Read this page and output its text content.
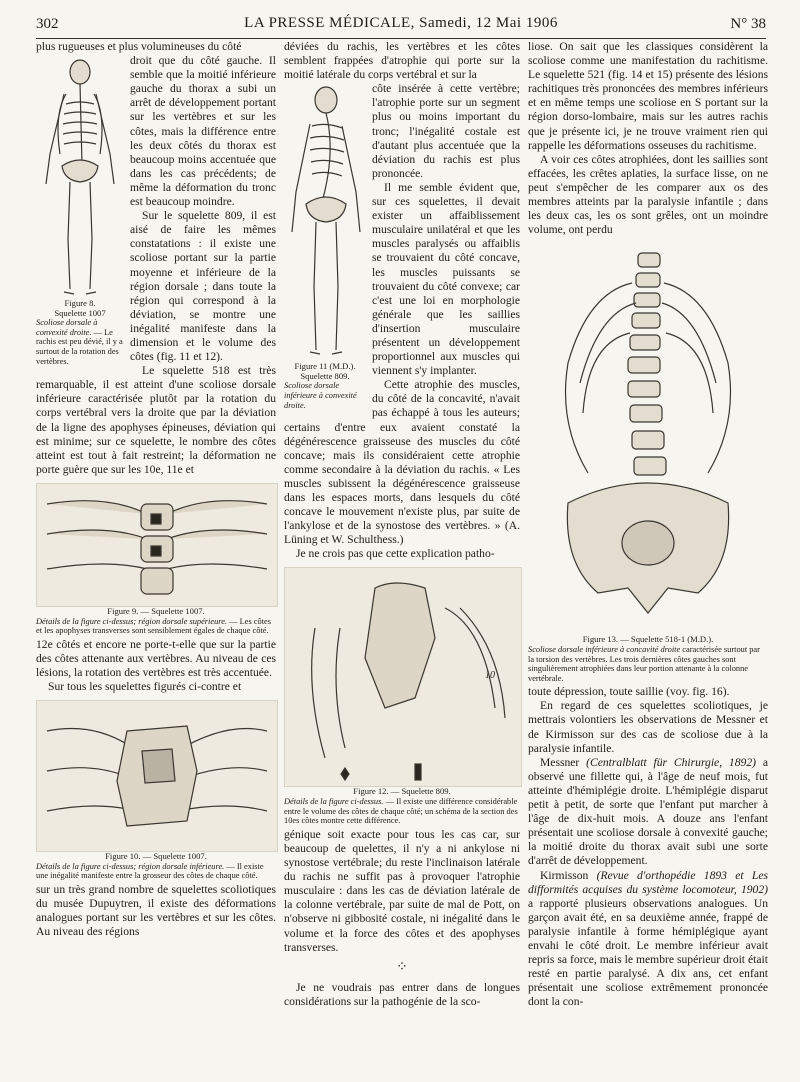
302	LA PRESSE MÉDICALE, Samedi, 12 Mai 1906	N° 38

plus rugueuses et plus volumineuses du côté

Figure 8.
Squelette 1007
Scoliose dorsale à convexité droite. — Le rachis est peu dévié, il y a surtout de la rotation des vertèbres.

droit que du côté gauche. Il semble que la moitié inférieure gauche du thorax a subi un arrêt de développement portant sur les vertèbres et sur les côtes, mais la différence entre les deux côtés du thorax est beaucoup moins accentuée que dans les cas précédents; de même la déformation du tronc est beaucoup moindre.

Sur le squelette 809, il est aisé de faire les mêmes constatations : il existe une scoliose portant sur la partie moyenne et inférieure de la région dorsale ; dans toute la région qui correspond à la déviation, se montre une inégalité manifeste dans la dimension et le volume des côtes (fig. 11 et 12).

Le squelette 518 est très remarquable, il est atteint d'une scoliose dorsale inférieure caractérisée plutôt par la rotation du corps vertébral vers la droite que par la déviation de la ligne des apophyses épineuses, déviation qui est minime; sur ce squelette, le nombre des côtes atteint est tout à fait restreint; la déformation ne porte guère que sur les 10e, 11e et

Figure 9. — Squelette 1007.
Détails de la figure ci-dessus; région dorsale supérieure. — Les côtes et les apophyses transverses sont sensiblement égales de chaque côté.

12e côtés et encore ne porte-t-elle que sur la partie des côtes attenante aux vertèbres. Au niveau de ces lésions, la rotation des vertèbres est très accentuée.

Sur tous les squelettes figurés ci-contre et

Figure 10. — Squelette 1007.
Détails de la figure ci-dessus; région dorsale inférieure. — Il existe une inégalité manifeste entre la grosseur des côtes de chaque côté.

sur un très grand nombre de squelettes scoliotiques du musée Dupuytren, il existe des déformations analogues portant sur les vertèbres et sur les côtes. Au niveau des régions

déviées du rachis, les vertèbres et les côtes semblent frappées d'atrophie qui porte sur la moitié latérale du corps vertébral et sur la

Figure 11 (M.D.).
Squelette 809.
Scoliose dorsale inférieure à convexité droite.

côte insérée à cette vertèbre; l'atrophie porte sur un segment plus ou moins important du tronc; l'inégalité costale est d'autant plus accentuée que la déviation du rachis est plus prononcée.

Il me semble évident que, sur ces squelettes, il devait exister un affaiblissement musculaire unilatéral et que les muscles paralysés ou affaiblis se trouvaient du côté concave, les muscles puissants se trouvaient du côté convexe; car c'est une loi en morphologie générale que les saillies d'insertion musculaire présentent un développement proportionnel aux muscles qui viennent s'y implanter.

Cette atrophie des muscles, du côté de la concavité, n'avait pas échappé à tous les auteurs; certains d'entre eux avaient constaté la dégénérescence graisseuse des muscles du côté concave; mais ils considéraient cette atrophie comme secondaire à la déviation du rachis. « Les muscles subissent la dégénérescence graisseuse dans les espaces morts, dans lesquels du côté concave le mouvement n'existe plus, par suite de l'ankylose et de la synostose des vertèbres. » (A. Lüning et W. Schulthess.)

Je ne crois pas que cette explication patho-

10
Figure 12. — Squelette 809.
Détails de la figure ci-dessus. — Il existe une différence considérable entre le volume des côtes de chaque côté; un schéma de la section des 10es côtes montre cette différence.

génique soit exacte pour tous les cas car, sur beaucoup de quelettes, il n'y a ni ankylose ni synostose vertébrale; du reste l'inclinaison latérale du rachis ne suffit pas à provoquer l'atrophie musculaire : dans les cas de déviation latérale de la colonne vertébrale, par suite de mal de Pott, on n'observe ni gibbosité costale, ni inégalité dans le volume et la force des côtes et des apophyses transverses.

⁘

Je ne voudrais pas entrer dans de longues considérations sur la pathogénie de la sco-

liose. On sait que les classiques considèrent la scoliose comme une manifestation du rachitisme. Le squelette 521 (fig. 14 et 15) présente des lésions rachitiques très prononcées des membres inférieurs et en même temps une scoliose en S portant sur la région dorso-lombaire, mais sur les autres rachis que je présente ici, je ne trouve vraiment rien qui rappelle les déformations osseuses du rachitisme.

A voir ces côtes atrophiées, dont les saillies sont effacées, les crêtes aplaties, la surface lisse, on ne peut s'empêcher de les comparer aux os des membres atteints par la paralysie infantile ; dans les deux cas, les os sont grêles, ont un moindre volume, ont perdu

Figure 13. — Squelette 518-1 (M.D.).
Scoliose dorsale inférieure à concavité droite caractérisée surtout par la torsion des vertèbres. Les trois dernières côtes gauches sont singulièrement atrophiées dans leur portion attenante à la colonne vertébrale.

toute dépression, toute saillie (voy. fig. 16).

En regard de ces squelettes scoliotiques, je mettrais volontiers les observations de Messner et de Kirmisson sur des cas de scoliose due à la paralysie infantile.

Messner (Centralblatt für Chirurgie, 1892) a observé une fillette qui, à l'âge de neuf mois, fut atteinte d'hémiplégie droite. L'hémiplégie disparut petit à petit, de sorte que l'enfant put marcher à l'âge de dix-huit mois. A douze ans l'enfant présentait une scoliose dorsale à convexité gauche; la moitié droite du thorax avait subi une sorte d'arrêt de développement.

Kirmisson (Revue d'orthopédie 1893 et Les difformités acquises du système locomoteur, 1902) a rapporté plusieurs observations analogues. Un garçon avait été, en sa deuxième année, frappé de paralysie infantile à forme hémiplégique ayant envahi le côté droit. Le membre inférieur avait repris sa force, mais le membre supérieur droit était resté en partie paralysé. A dix ans, cet enfant présentait une scoliose extrêmement prononcée dont la con-
